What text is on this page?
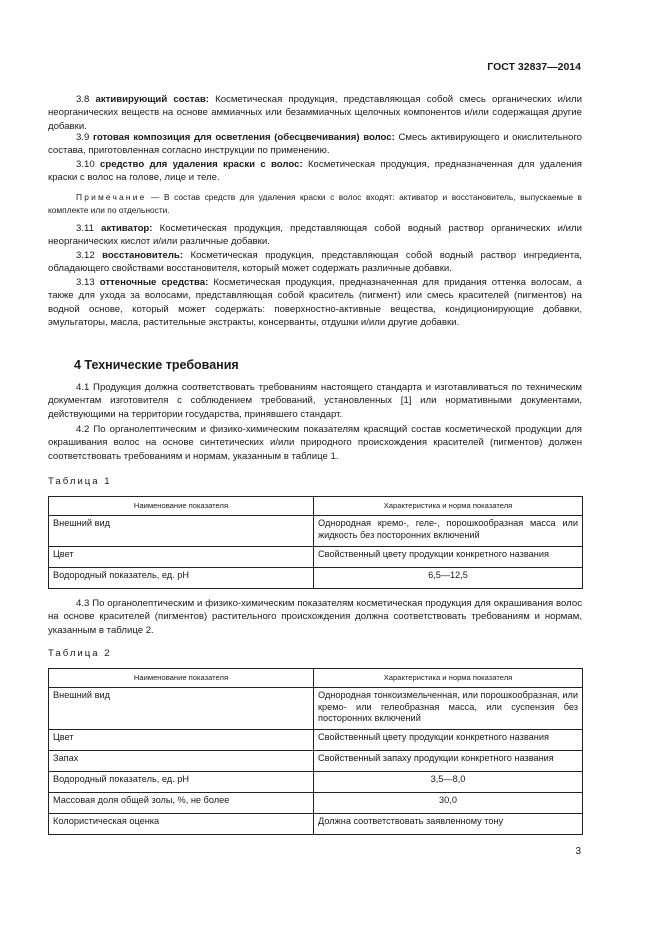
ГОСТ 32837—2014
3.8 активирующий состав: Косметическая продукция, представляющая собой смесь органических и/или неорганических веществ на основе аммиачных или безаммиачных щелочных компонентов и/или содержащая другие добавки.
3.9 готовая композиция для осветления (обесцвечивания) волос: Смесь активирующего и окислительного состава, приготовленная согласно инструкции по применению.
3.10 средство для удаления краски с волос: Косметическая продукция, предназначенная для удаления краски с волос на голове, лице и теле.
Примечание — В состав средств для удаления краски с волос входят: активатор и восстановитель, выпускаемые в комплекте или по отдельности.
3.11 активатор: Косметическая продукция, представляющая собой водный раствор органических и/или неорганических кислот и/или различные добавки.
3.12 восстановитель: Косметическая продукция, представляющая собой водный раствор ингредиента, обладающего свойствами восстановителя, который может содержать различные добавки.
3.13 оттеночные средства: Косметическая продукция, предназначенная для придания оттенка волосам, а также для ухода за волосами, представляющая собой краситель (пигмент) или смесь красителей (пигментов) на водной основе, который может содержать: поверхностно-активные вещества, кондиционирующие добавки, эмульгаторы, масла, растительные экстракты, консерванты, отдушки и/или другие добавки.
4 Технические требования
4.1 Продукция должна соответствовать требованиям настоящего стандарта и изготавливаться по техническим документам изготовителя с соблюдением требований, установленных [1] или нормативными документами, действующими на территории государства, принявшего стандарт.
4.2 По органолептическим и физико-химическим показателям красящий состав косметической продукции для окрашивания волос на основе синтетических и/или природного происхождения красителей (пигментов) должен соответствовать требованиям и нормам, указанным в таблице 1.
Таблица 1
Наименование показателя	Характеристика и норма показателя
Внешний вид	Однородная кремо-, геле-, порошкообразная масса или жидкость без посторонних включений
Цвет	Свойственный цвету продукции конкретного названия
Водородный показатель, ед. pH	6,5—12,5
4.3 По органолептическим и физико-химическим показателям косметическая продукция для окрашивания волос на основе красителей (пигментов) растительного происхождения должна соответствовать требованиям и нормам, указанным в таблице 2.
Таблица 2
Наименование показателя	Характеристика и норма показателя
Внешний вид	Однородная тонкоизмельченная, или порошкообразная, или кремо- или гелеобразная масса, или суспензия без посторонних включений
Цвет	Свойственный цвету продукции конкретного названия
Запах	Свойственный запаху продукции конкретного названия
Водородный показатель, ед. pH	3,5—8,0
Массовая доля общей золы, %, не более	30,0
Колористическая оценка	Должна соответствовать заявленному тону
3
